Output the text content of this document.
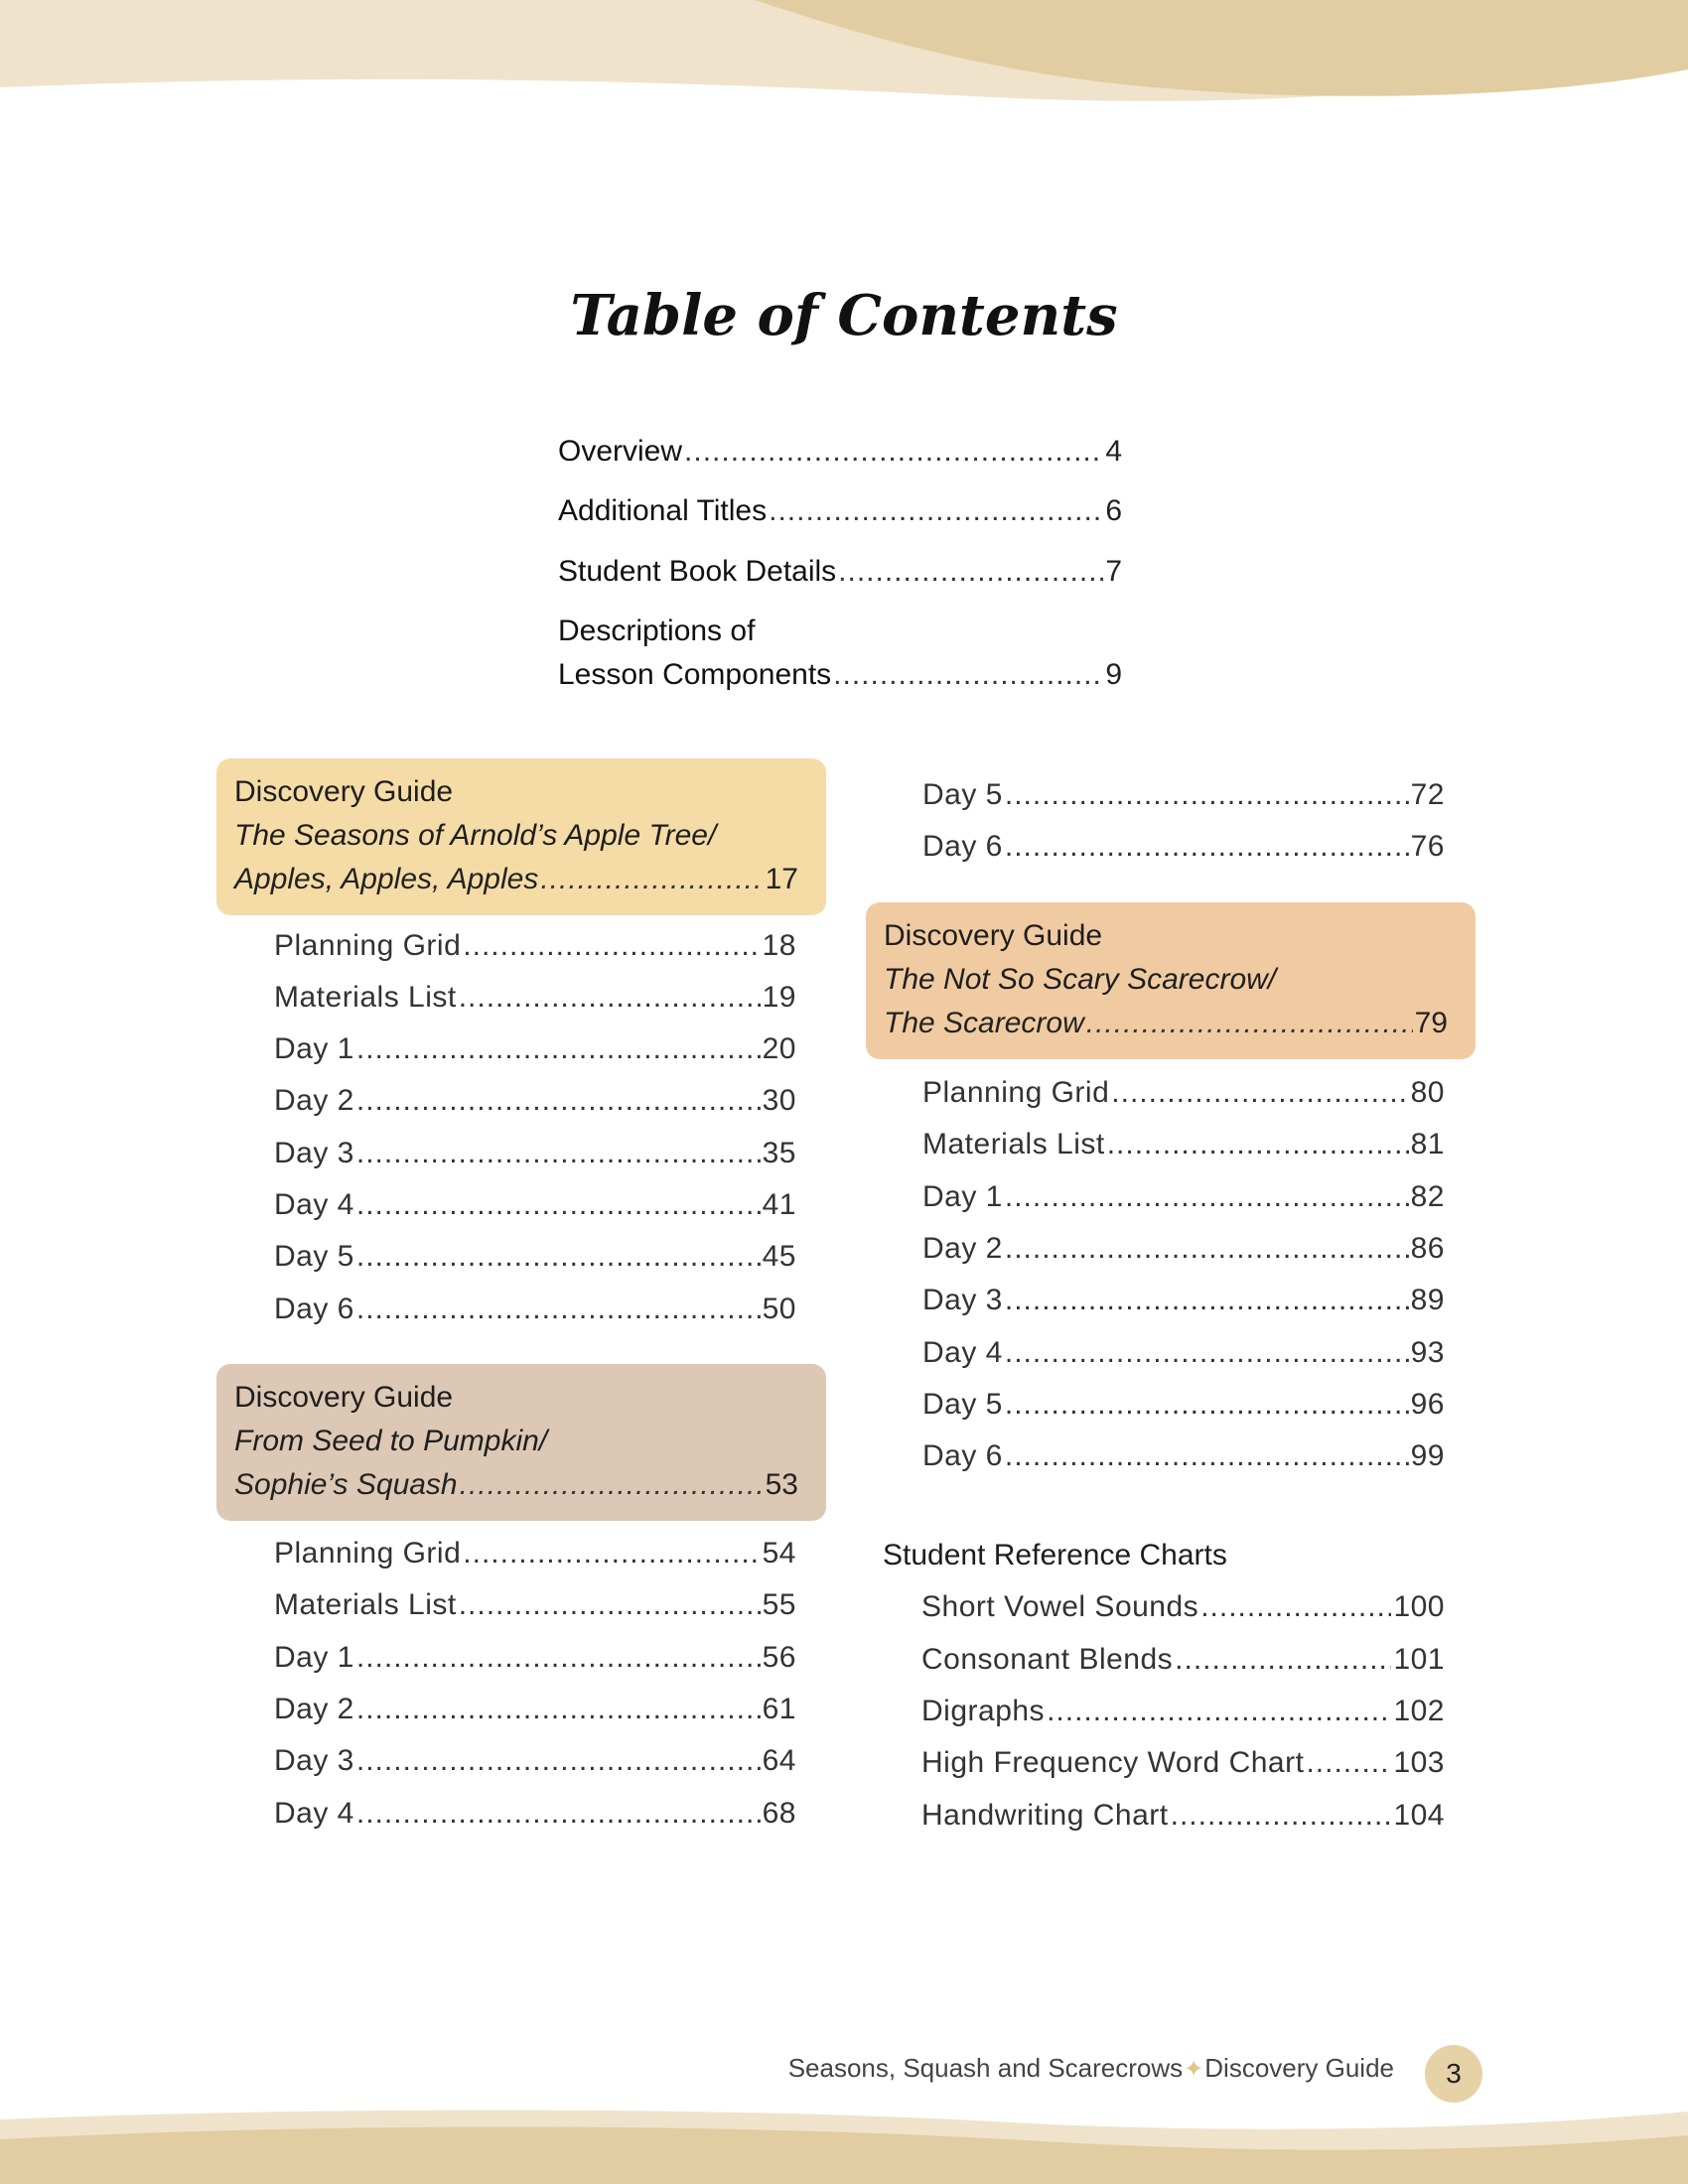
Table of Contents
Overview .....	4
Additional Titles .....	6
Student Book Details .....	7
Descriptions of
Lesson Components .....	9
Discovery Guide
The Seasons of Arnold’s Apple Tree/
Apples, Apples, Apples .....	17
Planning Grid .....	18
Materials List .....	19
Day 1 .....	20
Day 2 .....	30
Day 3 .....	35
Day 4 .....	41
Day 5 .....	45
Day 6 .....	50
Discovery Guide
From Seed to Pumpkin/
Sophie’s Squash .....	53
Planning Grid .....	54
Materials List .....	55
Day 1 .....	56
Day 2 .....	61
Day 3 .....	64
Day 4 .....	68
Day 5 .....	72
Day 6 .....	76
Discovery Guide
The Not So Scary Scarecrow/
The Scarecrow .....	79
Planning Grid .....	80
Materials List .....	81
Day 1 .....	82
Day 2 .....	86
Day 3 .....	89
Day 4 .....	93
Day 5 .....	96
Day 6 .....	99
Student Reference Charts
Short Vowel Sounds .....	100
Consonant Blends .....	101
Digraphs .....	102
High Frequency Word Chart .....	103
Handwriting Chart .....	104
Seasons, Squash and Scarecrows✦Discovery Guide	3
